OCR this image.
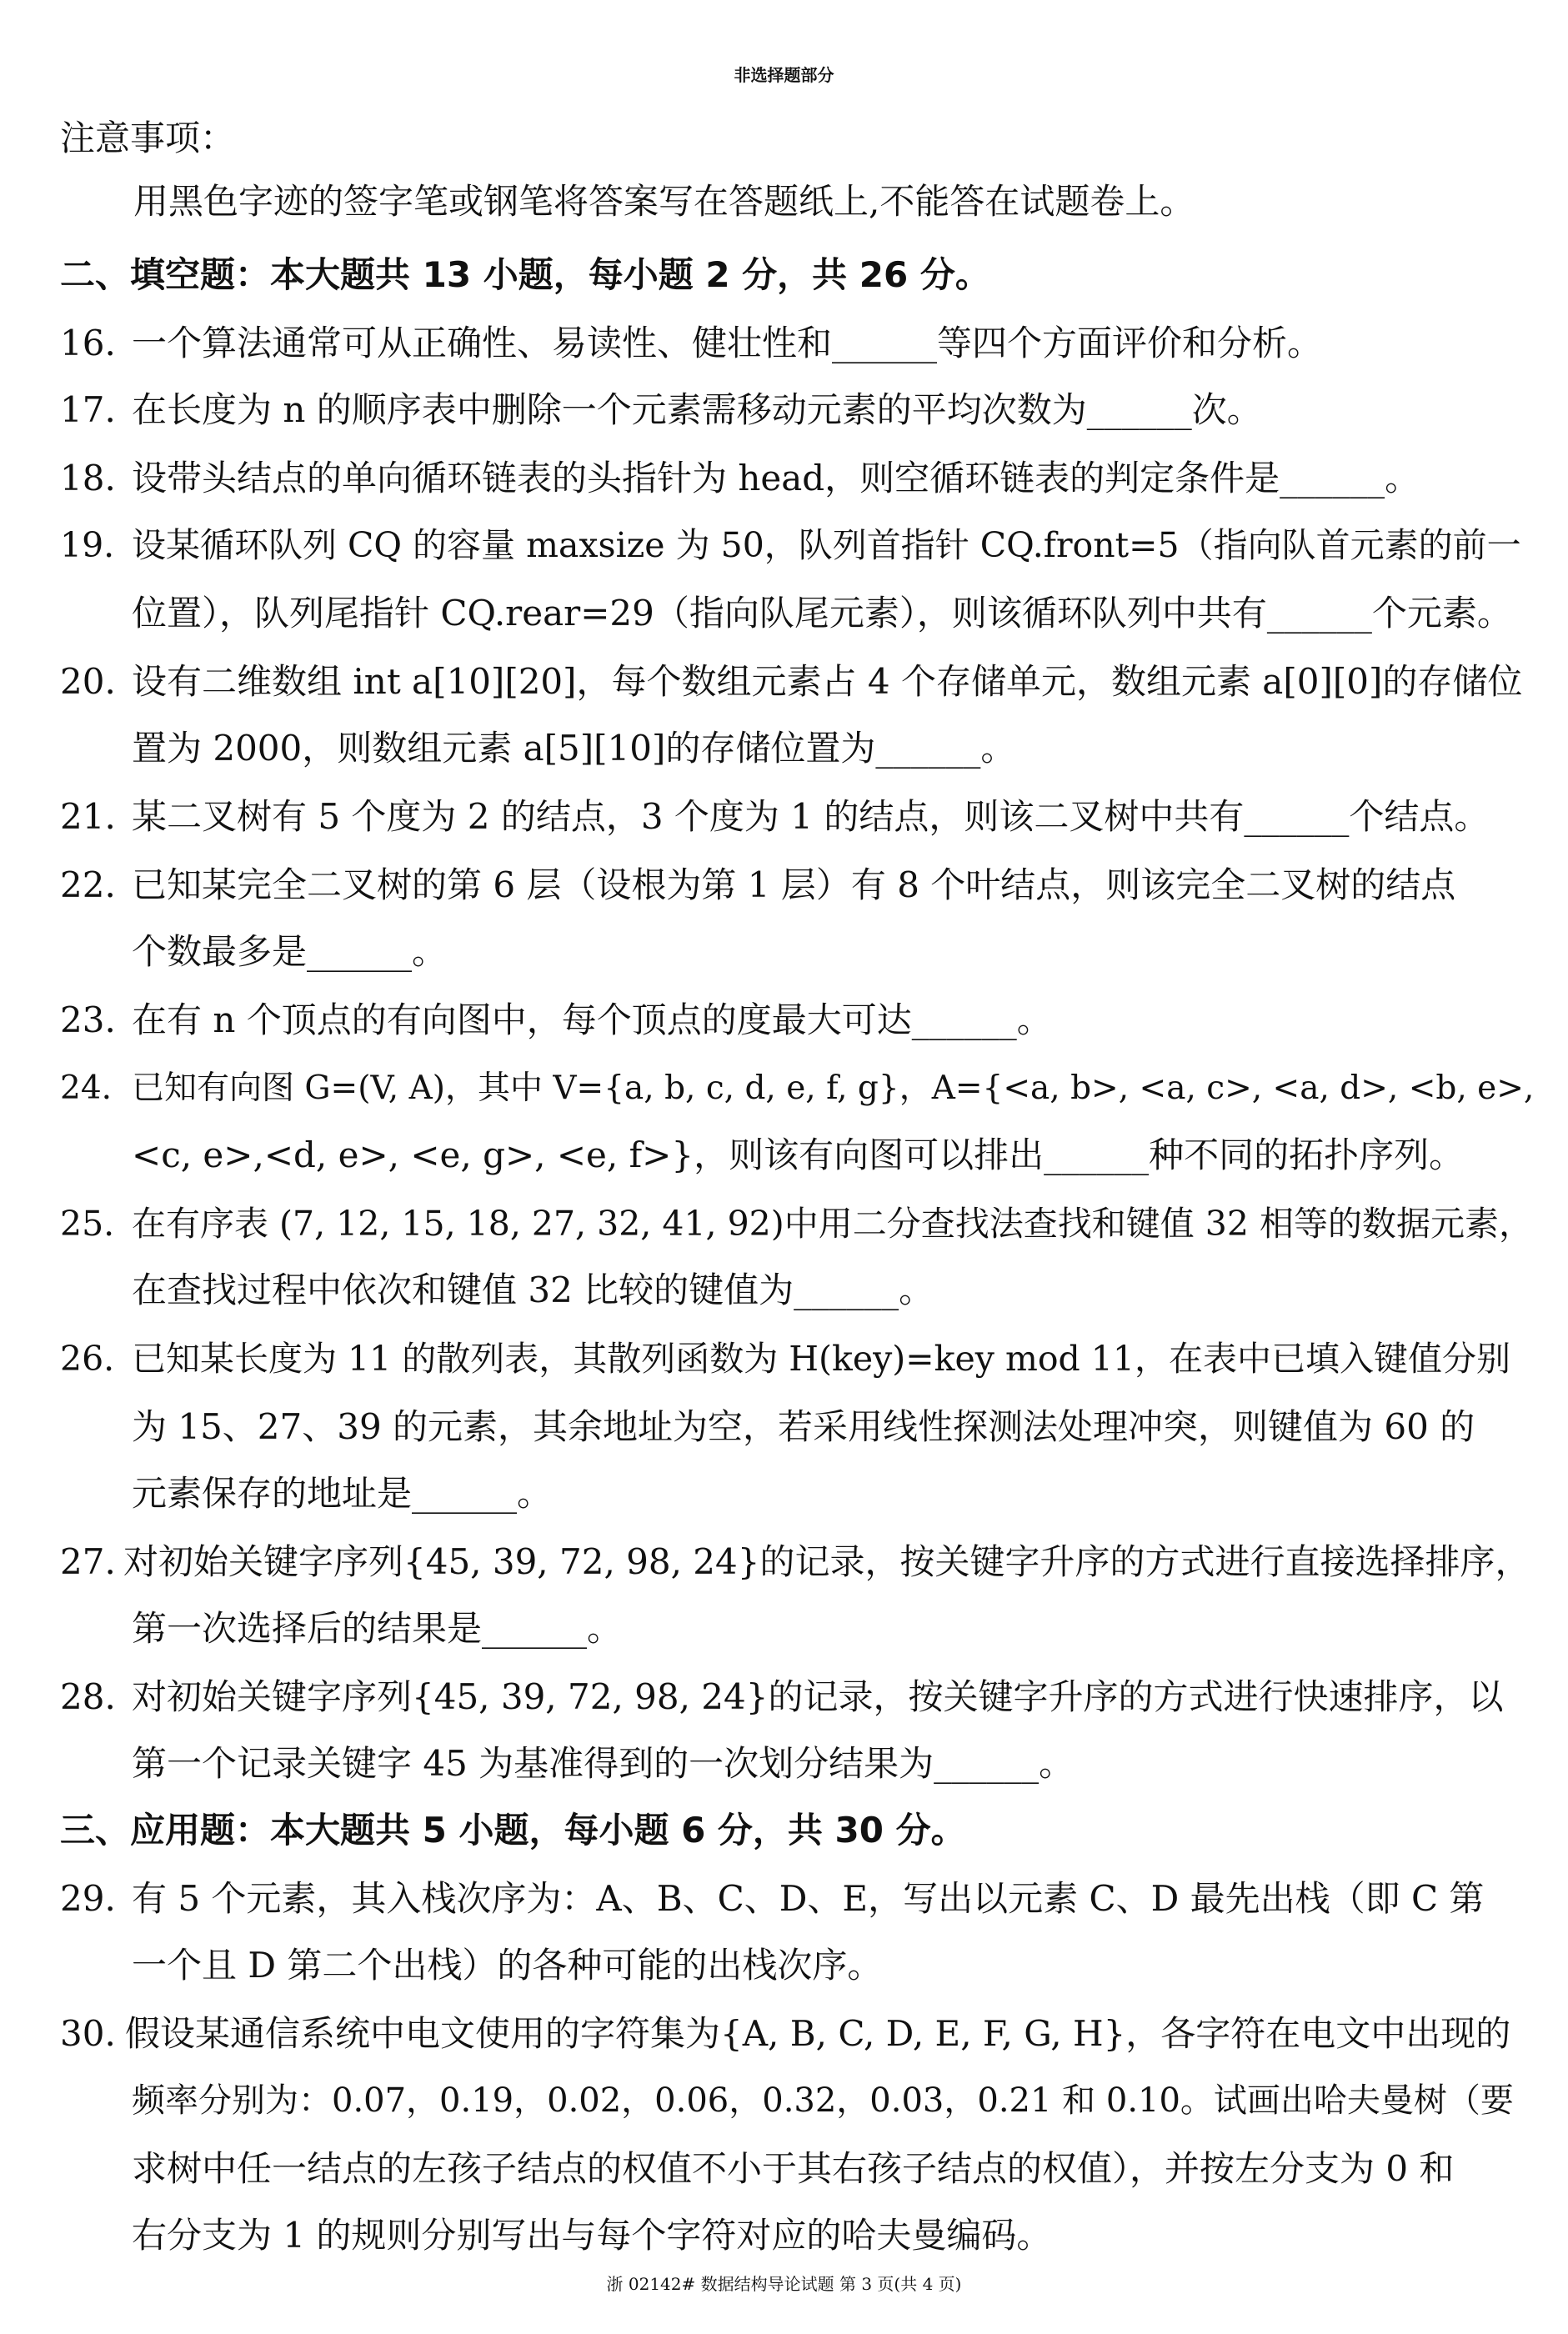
非选择题部分
注意事项：
用黑色字迹的签字笔或钢笔将答案写在答题纸上,不能答在试题卷上。
二、填空题：本大题共 13 小题，每小题 2 分，共 26 分。
16. 一个算法通常可从正确性、易读性、健壮性和______等四个方面评价和分析。
17. 在长度为 n 的顺序表中删除一个元素需移动元素的平均次数为______次。
18. 设带头结点的单向循环链表的头指针为 head，则空循环链表的判定条件是______。
19. 设某循环队列 CQ 的容量 maxsize 为 50，队列首指针 CQ.front=5（指向队首元素的前一
位置），队列尾指针 CQ.rear=29（指向队尾元素），则该循环队列中共有______个元素。
20. 设有二维数组 int a[10][20]，每个数组元素占 4 个存储单元，数组元素 a[0][0]的存储位
置为 2000，则数组元素 a[5][10]的存储位置为______。
21. 某二叉树有 5 个度为 2 的结点，3 个度为 1 的结点，则该二叉树中共有______个结点。
22. 已知某完全二叉树的第 6 层（设根为第 1 层）有 8 个叶结点，则该完全二叉树的结点
个数最多是______。
23. 在有 n 个顶点的有向图中，每个顶点的度最大可达______。
24. 已知有向图 G=(V, A)，其中 V={a, b, c, d, e, f, g}，A={<a, b>, <a, c>, <a, d>, <b, e>,
<c, e>,<d, e>, <e, g>, <e, f>}，则该有向图可以排出______种不同的拓扑序列。
25. 在有序表 (7, 12, 15, 18, 27, 32, 41, 92)中用二分查找法查找和键值 32 相等的数据元素，
在查找过程中依次和键值 32 比较的键值为______。
26. 已知某长度为 11 的散列表，其散列函数为 H(key)=key mod 11，在表中已填入键值分别
为 15、27、39 的元素，其余地址为空，若采用线性探测法处理冲突，则键值为 60 的
元素保存的地址是______。
27. 对初始关键字序列{45, 39, 72, 98, 24}的记录，按关键字升序的方式进行直接选择排序，
第一次选择后的结果是______。
28. 对初始关键字序列{45, 39, 72, 98, 24}的记录，按关键字升序的方式进行快速排序，以
第一个记录关键字 45 为基准得到的一次划分结果为______。
三、应用题：本大题共 5 小题，每小题 6 分，共 30 分。
29. 有 5 个元素，其入栈次序为：A、B、C、D、E，写出以元素 C、D 最先出栈（即 C 第
一个且 D 第二个出栈）的各种可能的出栈次序。
30. 假设某通信系统中电文使用的字符集为{A, B, C, D, E, F, G, H}，各字符在电文中出现的
频率分别为：0.07，0.19，0.02，0.06，0.32，0.03，0.21 和 0.10。试画出哈夫曼树（要
求树中任一结点的左孩子结点的权值不小于其右孩子结点的权值），并按左分支为 0 和
右分支为 1 的规则分别写出与每个字符对应的哈夫曼编码。
浙 02142# 数据结构导论试题 第 3 页(共 4 页)
